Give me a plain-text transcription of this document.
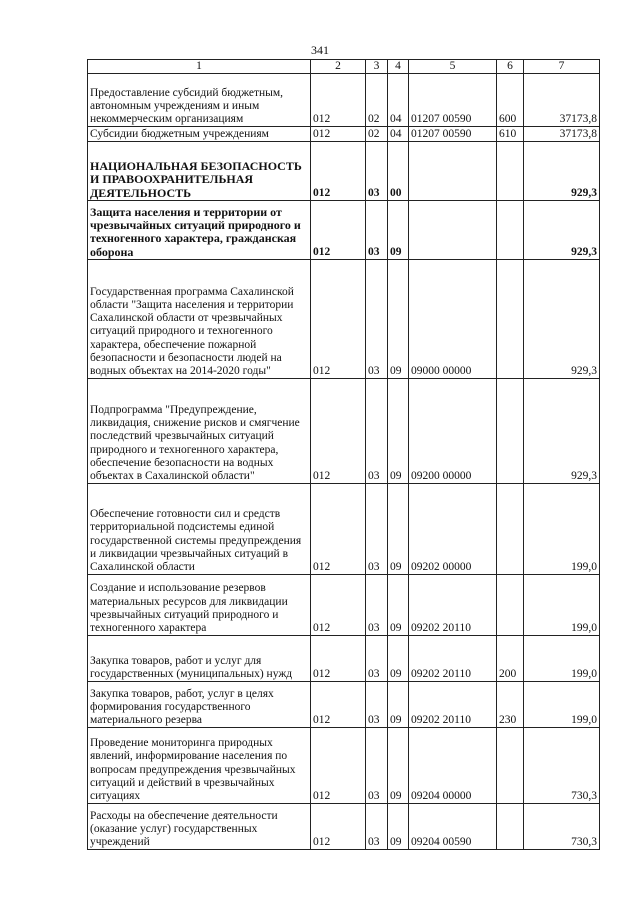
341
1	2	3	4	5	6	7
Предоставление субсидий бюджетным, автономным учреждениям и иным некоммерческим организациям	012	02	04	01207 00590	600	37173,8
Субсидии бюджетным учреждениям	012	02	04	01207 00590	610	37173,8
НАЦИОНАЛЬНАЯ БЕЗОПАСНОСТЬ И ПРАВООХРАНИТЕЛЬНАЯ ДЕЯТЕЛЬНОСТЬ	012	03	00			929,3
Защита населения и территории от чрезвычайных ситуаций природного и техногенного характера, гражданская оборона	012	03	09			929,3
Государственная программа Сахалинской области "Защита населения и территории Сахалинской области от чрезвычайных ситуаций природного и техногенного характера, обеспечение пожарной безопасности и безопасности людей на водных объектах на 2014-2020 годы"	012	03	09	09000 00000		929,3
Подпрограмма "Предупреждение, ликвидация, снижение рисков и смягчение последствий чрезвычайных ситуаций природного и техногенного характера, обеспечение безопасности на водных объектах в Сахалинской области"	012	03	09	09200 00000		929,3
Обеспечение готовности сил и средств территориальной подсистемы единой государственной системы предупреждения и ликвидации чрезвычайных ситуаций в Сахалинской области	012	03	09	09202 00000		199,0
Создание и использование резервов материальных ресурсов для ликвидации чрезвычайных ситуаций природного и техногенного характера	012	03	09	09202 20110		199,0
Закупка товаров, работ и услуг для государственных (муниципальных) нужд	012	03	09	09202 20110	200	199,0
Закупка товаров, работ, услуг в целях формирования государственного материального резерва	012	03	09	09202 20110	230	199,0
Проведение мониторинга природных явлений, информирование населения по вопросам предупреждения чрезвычайных ситуаций и действий в чрезвычайных ситуациях	012	03	09	09204 00000		730,3
Расходы на обеспечение деятельности (оказание услуг) государственных учреждений	012	03	09	09204 00590		730,3
